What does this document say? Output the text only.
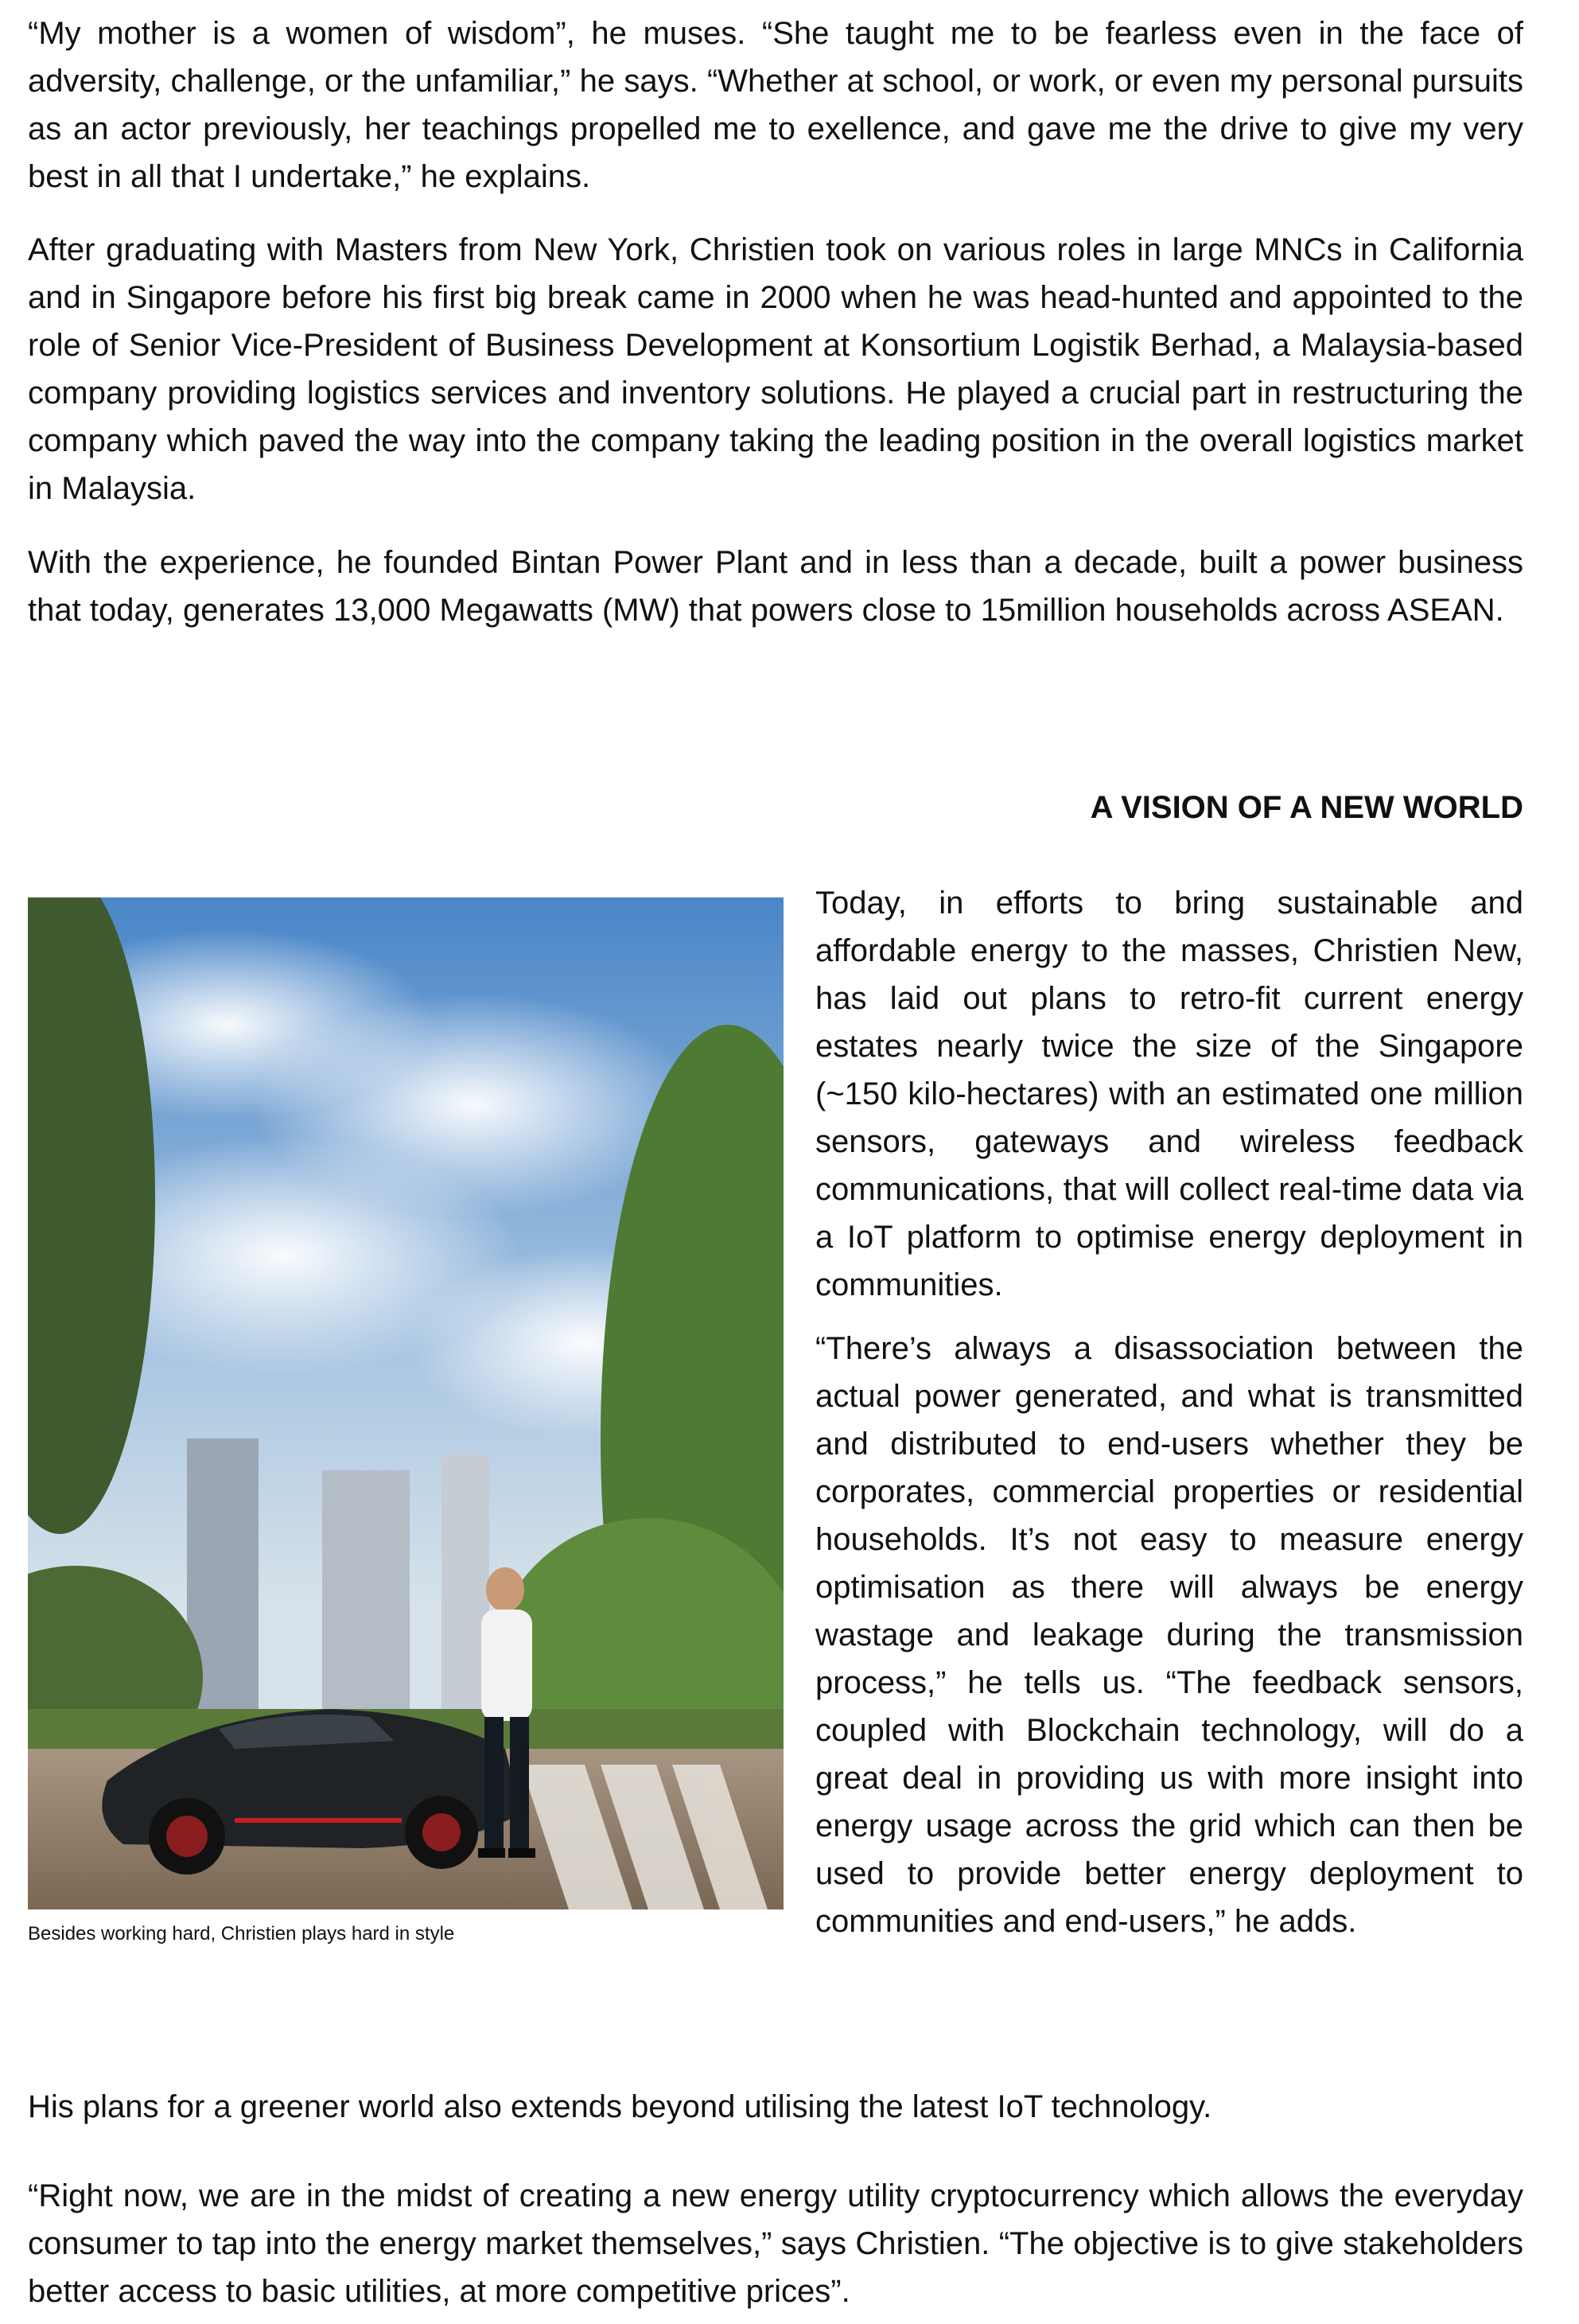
“My mother is a women of wisdom”, he muses. “She taught me to be fearless even in the face of adversity, challenge, or the unfamiliar,” he says. “Whether at school, or work, or even my personal pursuits as an actor previously, her teachings propelled me to exellence, and gave me the drive to give my very best in all that I undertake,” he explains.

After graduating with Masters from New York, Christien took on various roles in large MNCs in California and in Singapore before his first big break came in 2000 when he was head-hunted and appointed to the role of Senior Vice-President of Business Development at Konsortium Logistik Berhad, a Malaysia-based company providing logistics services and inventory solutions. He played a crucial part in restructuring the company which paved the way into the company taking the leading position in the overall logistics market in Malaysia.

With the experience, he founded Bintan Power Plant and in less than a decade, built a power business that today, generates 13,000 Megawatts (MW) that powers close to 15million households across ASEAN.

A VISION OF A NEW WORLD
Besides working hard, Christien plays hard in style

Today, in efforts to bring sustainable and affordable energy to the masses, Christien New, has laid out plans to retro-fit current energy estates nearly twice the size of the Singapore (~150 kilo-hectares) with an estimated one million sensors, gateways and wireless feedback communications, that will collect real-time data via a IoT platform to optimise energy deployment in communities.

“There’s always a disassociation between the actual power generated, and what is transmitted and distributed to end-users whether they be corporates, commercial properties or residential households. It’s not easy to measure energy optimisation as there will always be energy wastage and leakage during the transmission process,” he tells us. “The feedback sensors, coupled with Blockchain technology, will do a great deal in providing us with more insight into energy usage across the grid which can then be used to provide better energy deployment to communities and end-users,” he adds.

His plans for a greener world also extends beyond utilising the latest IoT technology.

“Right now, we are in the midst of creating a new energy utility cryptocurrency which allows the everyday consumer to tap into the energy market themselves,” says Christien. “The objective is to give stakeholders better access to basic utilities, at more competitive prices”.
